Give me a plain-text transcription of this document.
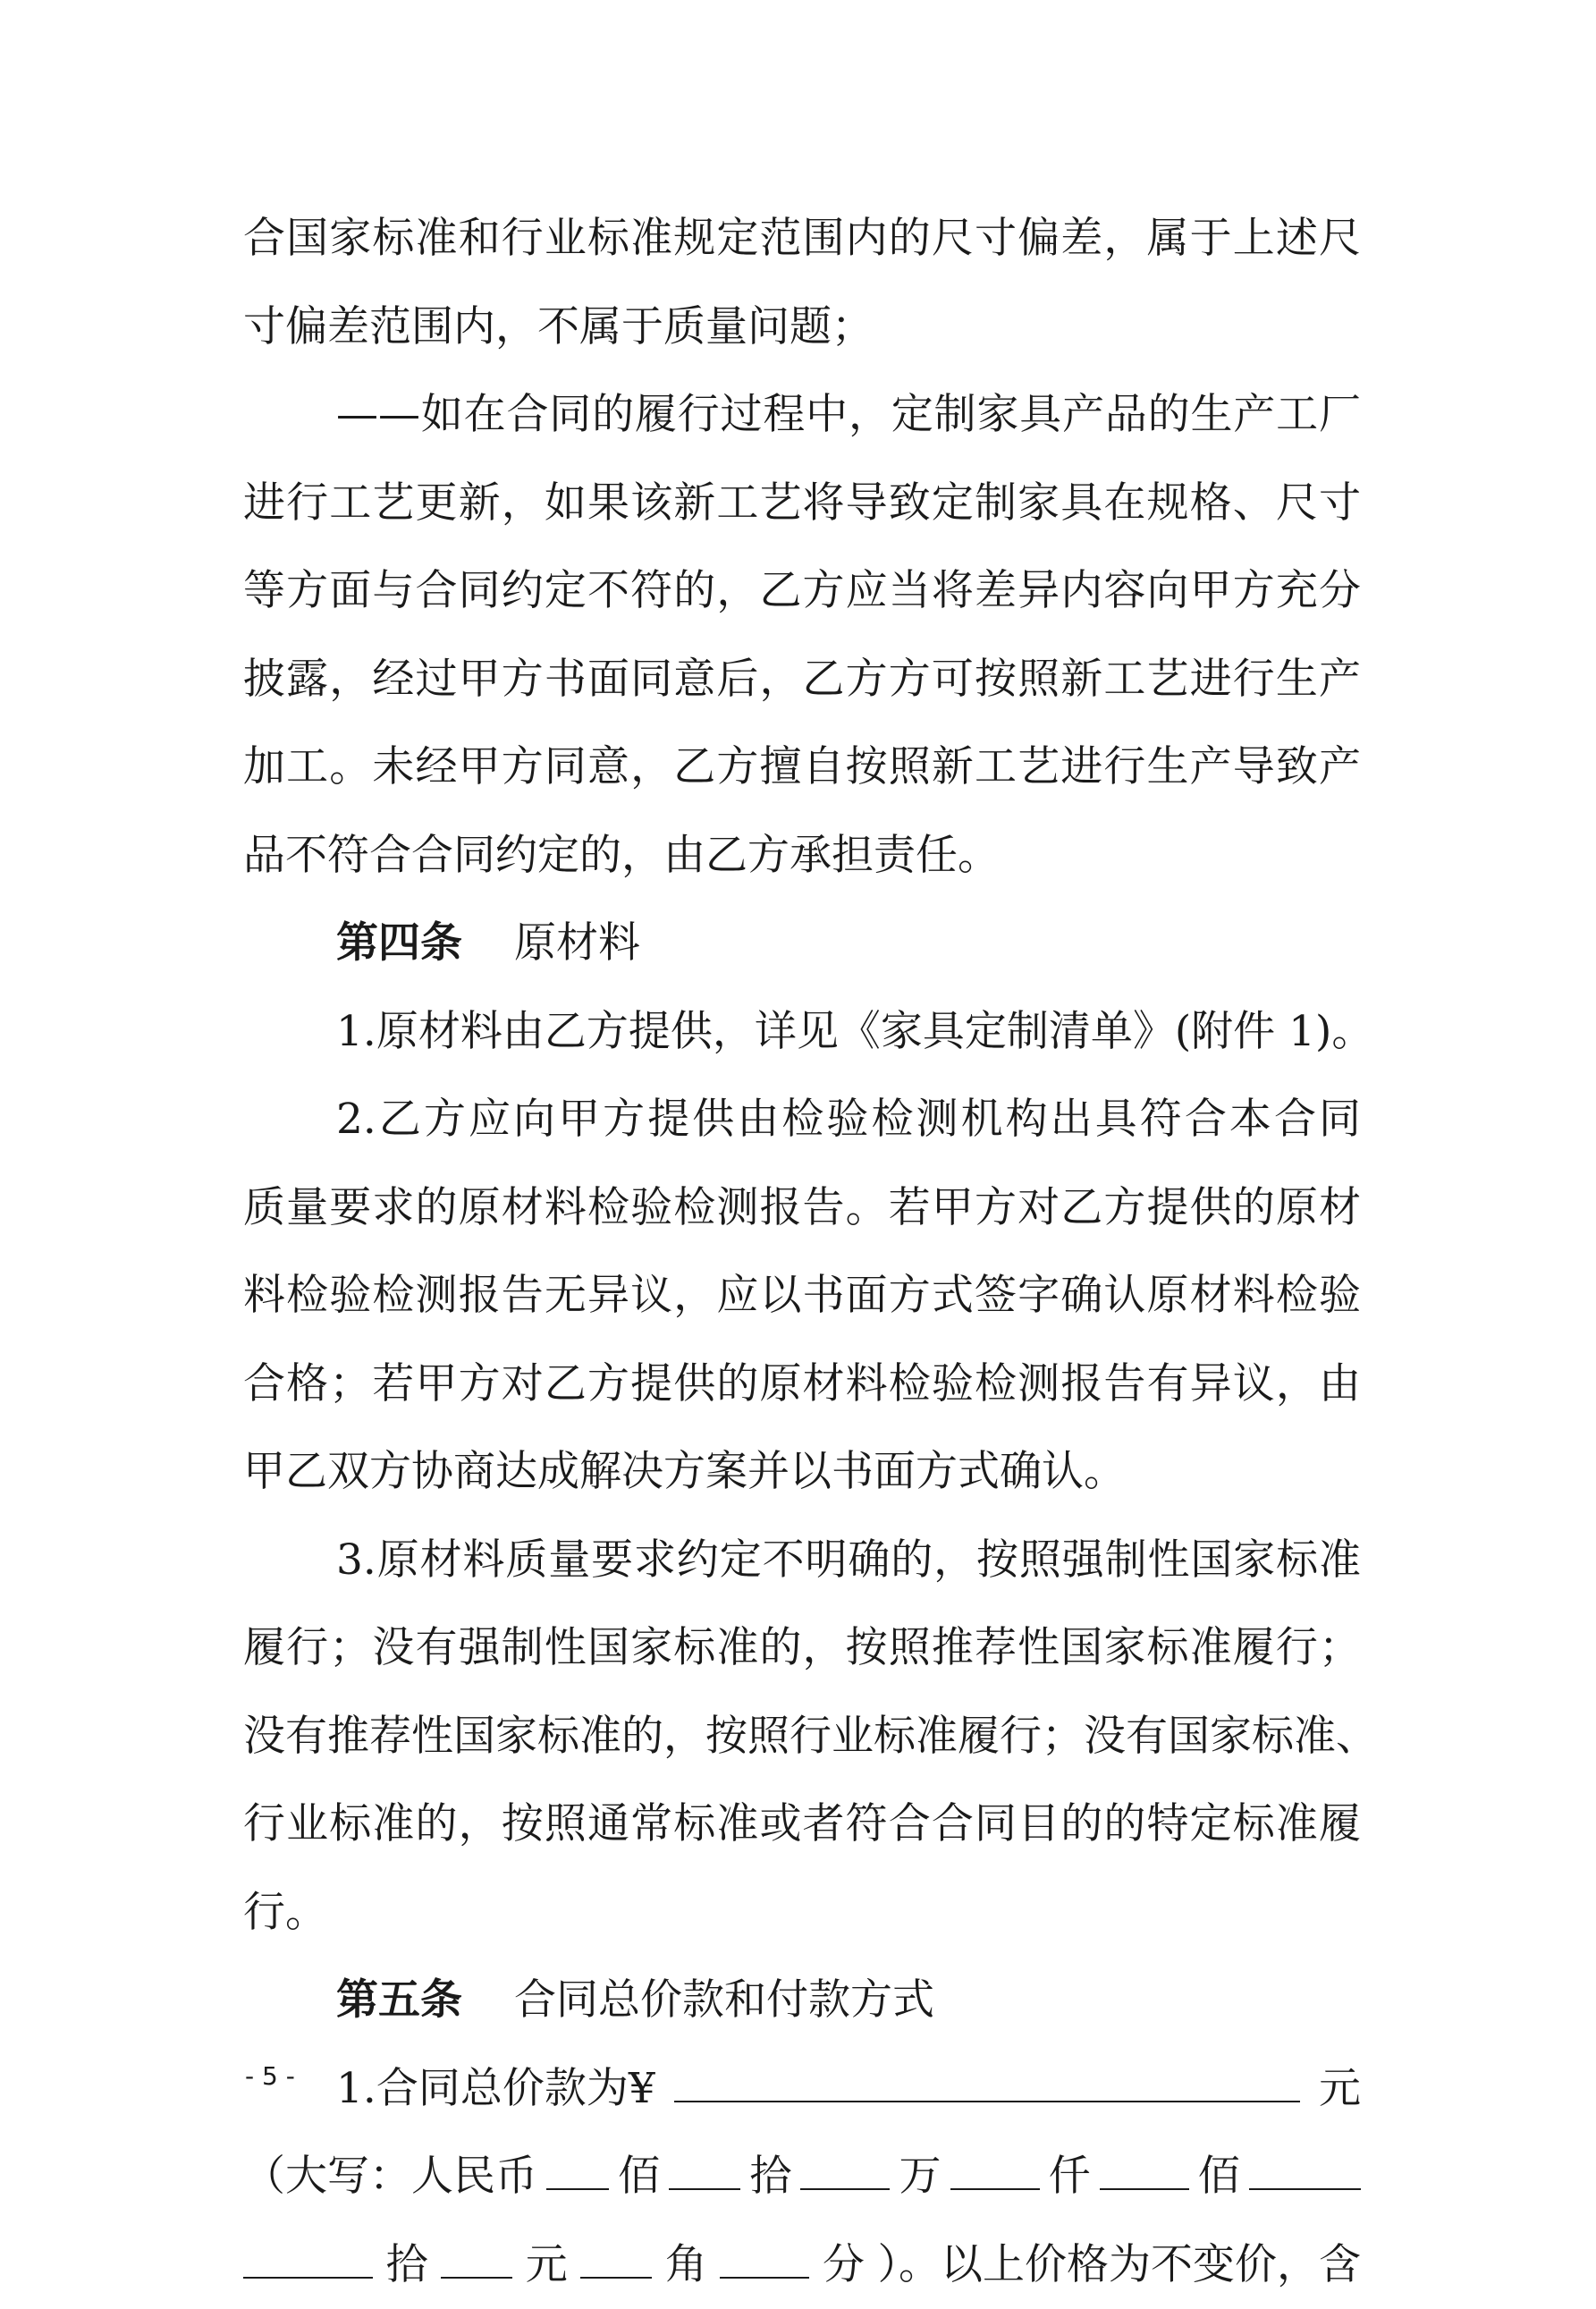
合国家标准和行业标准规定范围内的尺寸偏差，属于上述尺
寸偏差范围内，不属于质量问题；
——如在合同的履行过程中，定制家具产品的生产工厂
进行工艺更新，如果该新工艺将导致定制家具在规格、尺寸
等方面与合同约定不符的，乙方应当将差异内容向甲方充分
披露，经过甲方书面同意后，乙方方可按照新工艺进行生产
加工。未经甲方同意，乙方擅自按照新工艺进行生产导致产
品不符合合同约定的，由乙方承担责任。
第四条 原材料
1.原材料由乙方提供，详见《家具定制清单》(附件 1)。
2.乙方应向甲方提供由检验检测机构出具符合本合同
质量要求的原材料检验检测报告。若甲方对乙方提供的原材
料检验检测报告无异议，应以书面方式签字确认原材料检验
合格；若甲方对乙方提供的原材料检验检测报告有异议，由
甲乙双方协商达成解决方案并以书面方式确认。
3.原材料质量要求约定不明确的，按照强制性国家标准
履行；没有强制性国家标准的，按照推荐性国家标准履行；
没有推荐性国家标准的，按照行业标准履行；没有国家标准、
行业标准的，按照通常标准或者符合合同目的的特定标准履
行。
第五条 合同总价款和付款方式
1.合同总价款为¥	元
（大写：人民币 佰 拾	万	仟	佰
拾 元 角	分 ）。以上价格为不变价，含
- 5 -
